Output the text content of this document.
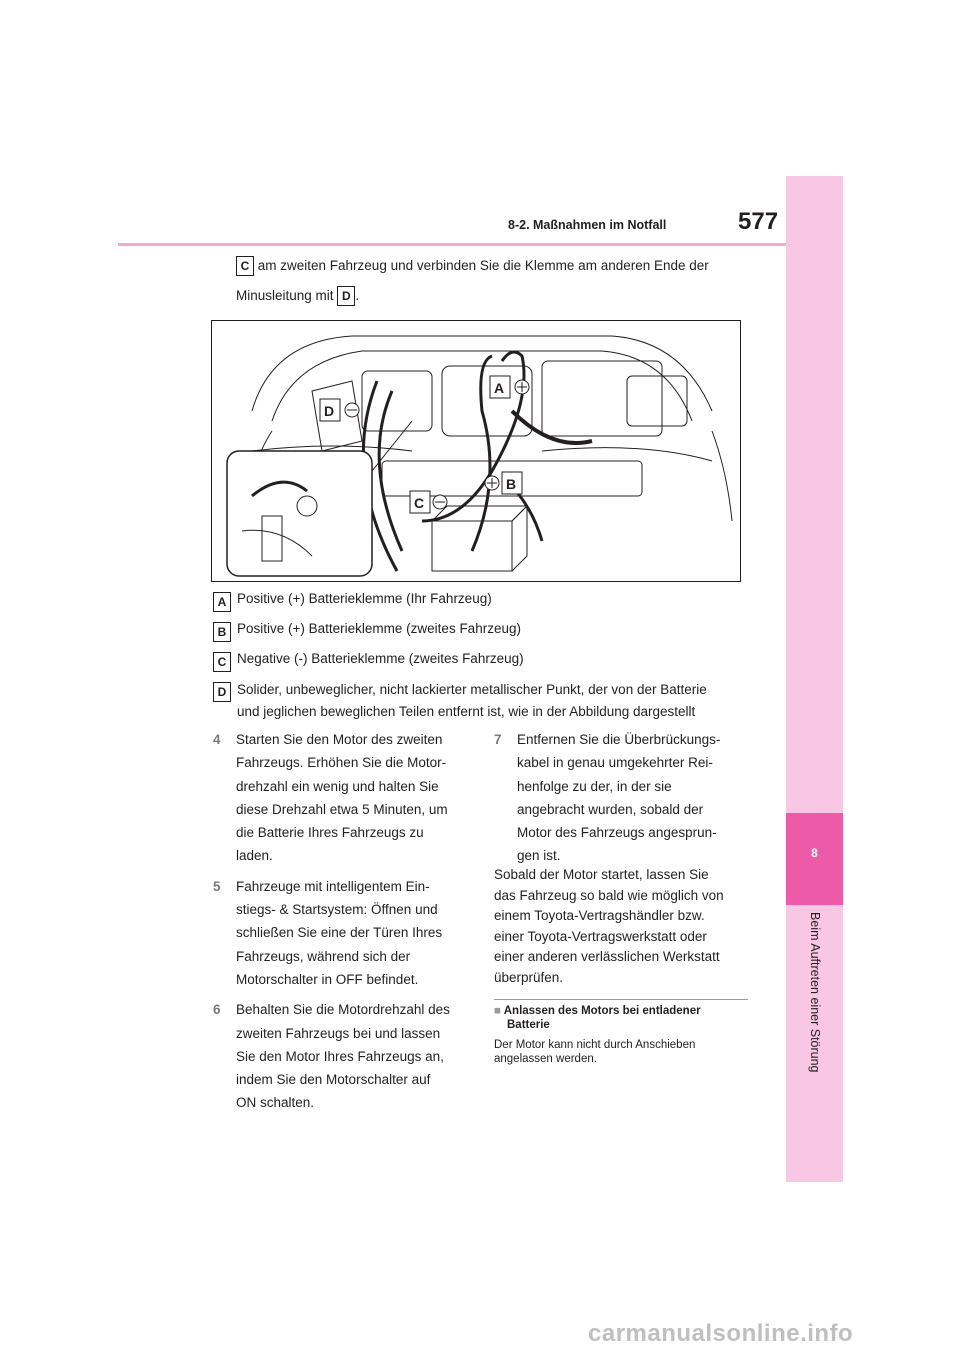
8-2. Maßnahmen im Notfall	577
8
Beim Auftreten einer Störung
C am zweiten Fahrzeug und verbinden Sie die Klemme am anderen Ende der
Minusleitung mit D .
A
B
C
D
A Positive (+) Batterieklemme (Ihr Fahrzeug)
B Positive (+) Batterieklemme (zweites Fahrzeug)
C Negative (-) Batterieklemme (zweites Fahrzeug)
D Solider, unbeweglicher, nicht lackierter metallischer Punkt, der von der Batterie
und jeglichen beweglichen Teilen entfernt ist, wie in der Abbildung dargestellt
4	Starten Sie den Motor des zweiten
Fahrzeugs. Erhöhen Sie die Motor-
drehzahl ein wenig und halten Sie
diese Drehzahl etwa 5 Minuten, um
die Batterie Ihres Fahrzeugs zu
laden.
5	Fahrzeuge mit intelligentem Ein-
stiegs- & Startsystem: Öffnen und
schließen Sie eine der Türen Ihres
Fahrzeugs, während sich der
Motorschalter in OFF befindet.
6	Behalten Sie die Motordrehzahl des
zweiten Fahrzeugs bei und lassen
Sie den Motor Ihres Fahrzeugs an,
indem Sie den Motorschalter auf
ON schalten.
7	Entfernen Sie die Überbrückungs-
kabel in genau umgekehrter Rei-
henfolge zu der, in der sie
angebracht wurden, sobald der
Motor des Fahrzeugs angesprun-
gen ist.
Sobald der Motor startet, lassen Sie
das Fahrzeug so bald wie möglich von
einem Toyota-Vertragshändler bzw.
einer Toyota-Vertragswerkstatt oder
einer anderen verlässlichen Werkstatt
überprüfen.
■ Anlassen des Motors bei entladener
Batterie
Der Motor kann nicht durch Anschieben
angelassen werden.
carmanualsonline.info
